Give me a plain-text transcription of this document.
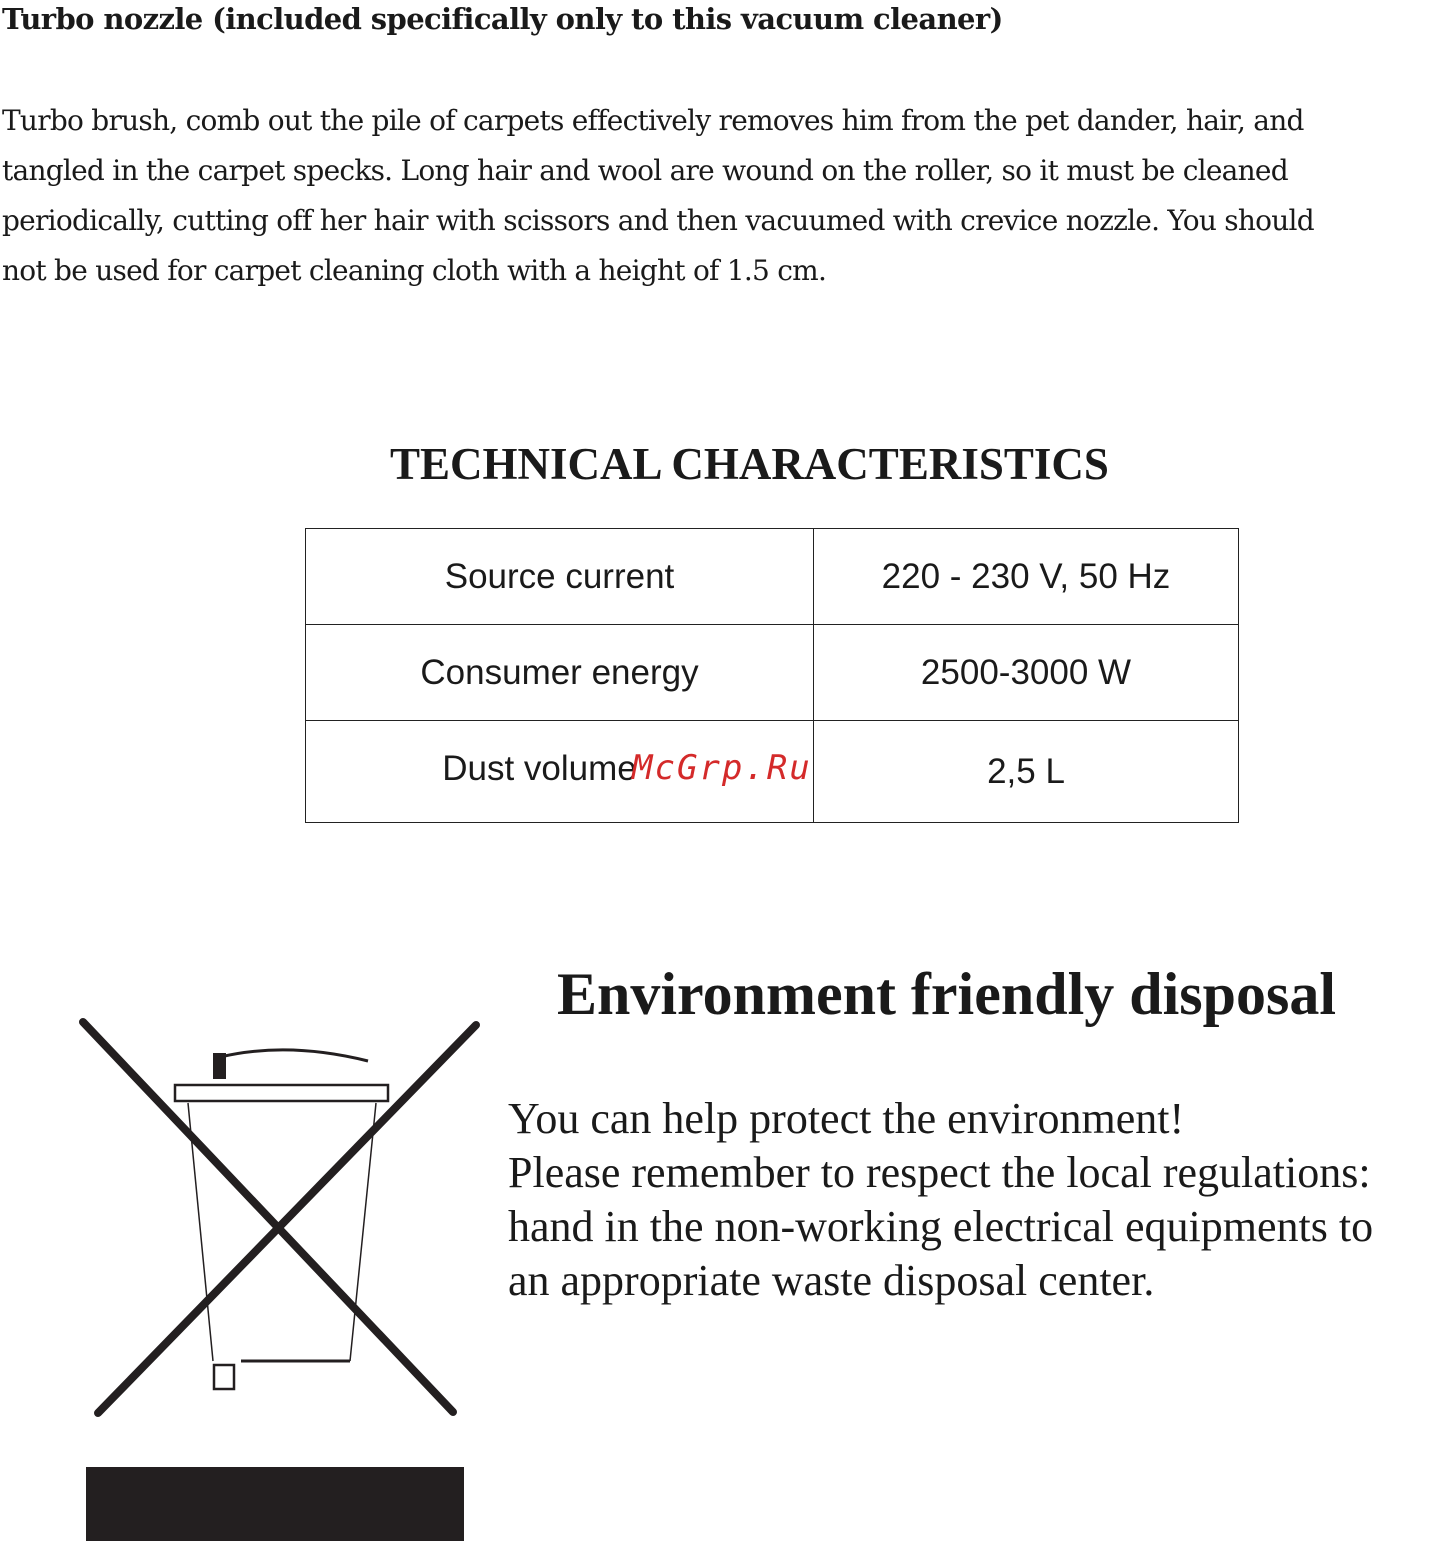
Turbo nozzle (included specifically only to this vacuum cleaner)
Turbo brush, comb out the pile of carpets effectively removes him from the pet dander, hair, and
tangled in the carpet specks. Long hair and wool are wound on the roller, so it must be cleaned
periodically, cutting off her hair with scissors and then vacuumed with crevice nozzle. You should
not be used for carpet cleaning cloth with a height of 1.5 cm.
TECHNICAL CHARACTERISTICS
Source current	220 - 230 V, 50 Hz
Consumer energy	2500-3000 W
Dust volume	2,5 L
McGrp.Ru
Environment friendly disposal
You can help protect the environment!
Please remember to respect the local regulations:
hand in the non-working electrical equipments to
an appropriate waste disposal center.
